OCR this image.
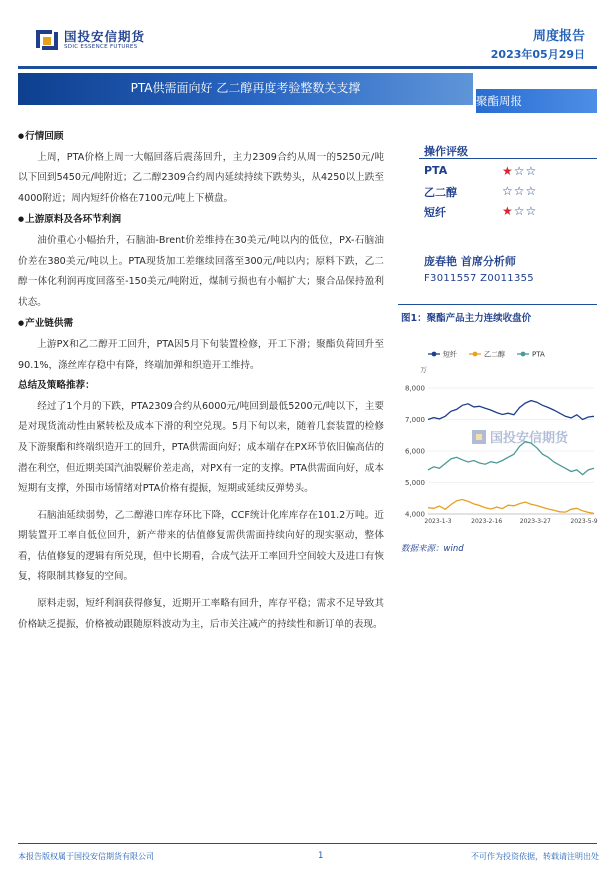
国投安信期货
SDIC ESSENCE FUTURES
周度报告
2023年05月29日
PTA供需面向好 乙二醇再度考验整数关支撑
聚酯周报

● 行情回顾

上周，PTA价格上周一大幅回落后震荡回升，主力2309合约从周一的5250元/吨以下回到5450元/吨附近；乙二醇2309合约周内延续持续下跌势头，从4250以上跌至4000附近；周内短纤价格在7100元/吨上下横盘。

● 上游原料及各环节利润

油价重心小幅抬升，石脑油-Brent价差维持在30美元/吨以内的低位，PX-石脑油价差在380美元/吨以上。PTA现货加工差继续回落至300元/吨以内；原料下跌，乙二醇一体化利润再度回落至-150美元/吨附近，煤制亏损也有小幅扩大；聚合品保持盈利状态。

● 产业链供需

上游PX和乙二醇开工回升，PTA因5月下旬装置检修，开工下滑；聚酯负荷回升至90.1%，涤丝库存稳中有降，终端加弹和织造开工维持。

总结及策略推荐：

经过了1个月的下跌，PTA2309合约从6000元/吨回到最低5200元/吨以下，主要是对现货流动性由紧转松及成本下滑的利空兑现。5月下旬以来，随着几套装置的检修及下游聚酯和终端织造开工的回升，PTA供需面向好；成本端存在PX环节依旧偏高估的潜在利空，但近期美国汽油裂解价差走高，对PX有一定的支撑。PTA供需面向好，成本短期有支撑，外围市场情绪对PTA价格有提振，短期或延续反弹势头。

石脑油延续弱势，乙二醇港口库存环比下降，CCF统计化库库存在101.2万吨。近期装置开工率自低位回升，新产带来的估值修复需供需面持续向好的现实驱动，整体看，估值修复的逻辑有所兑现，但中长期看，合成气法开工率回升空间较大及进口有恢复，将限制其修复的空间。

原料走弱，短纤利润获得修复，近期开工率略有回升，库存平稳；需求不足导致其价格缺乏提振，价格被动跟随原料波动为主，后市关注减产的持续性和新订单的表现。

操作评级
PTA	★☆☆
乙二醇	☆☆☆
短纤	★☆☆
庞春艳 首席分析师
F3011557 Z0011355
图1：聚酯产品主力连续收盘价
短纤	乙二醇	PTA
万
4,000
5,000
6,000
7,000
8,000
2023-1-3	2023-2-16	2023-3-27	2023-5-9
国投安信期货
数据来源：wind
本报告版权属于国投安信期货有限公司	1	不可作为投资依据，转载请注明出处
